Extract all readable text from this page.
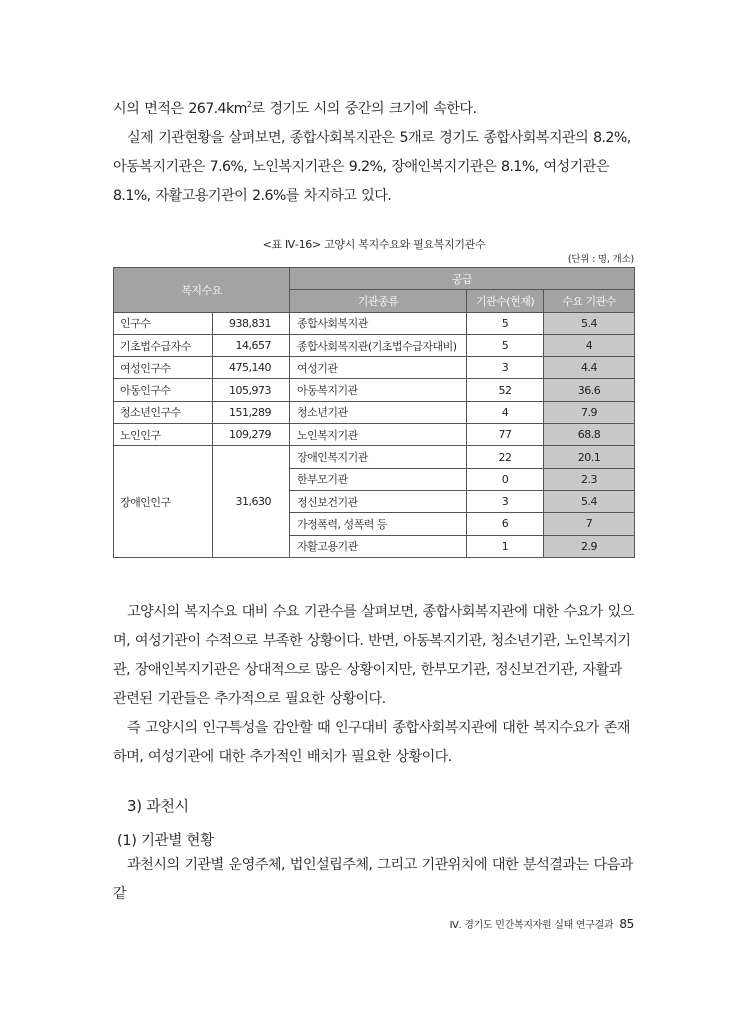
시의 면적은 $267.4km^2$로 경기도 시의 중간의 크기에 속한다.

실제 기관현황을 살펴보면, 종합사회복지관은 5개로 경기도 종합사회복지관의 8.2%, 아동복지기관은 7.6%, 노인복지기관은 9.2%, 장애인복지기관은 8.1%, 여성기관은 8.1%, 자활고용기관이 2.6%를 차지하고 있다.

<표 Ⅳ-16> 고양시 복지수요와 필요복지기관수
(단위 : 명, 개소)
복지수요		공급		
		기관종류	기관수(현재)	수요 기관수
인구수	938,831	종합사회복지관	5	5.4
기초법수급자수	14,657	종합사회복지관(기초법수급자대비)	5	4
여성인구수	475,140	여성기관	3	4.4
아동인구수	105,973	아동복지기관	52	36.6
청소년인구수	151,289	청소년기관	4	7.9
노인인구	109,279	노인복지기관	77	68.8
장애인인구	31,630	장애인복지기관	22	20.1
		한부모기관	0	2.3
		정신보건기관	3	5.4
		가정폭력, 성폭력 등	6	7
		자활고용기관	1	2.9

고양시의 복지수요 대비 수요 기관수를 살펴보면, 종합사회복지관에 대한 수요가 있으며, 여성기관이 수적으로 부족한 상황이다. 반면, 아동복지기관, 청소년기관, 노인복지기관, 장애인복지기관은 상대적으로 많은 상황이지만, 한부모기관, 정신보건기관, 자활과 관련된 기관들은 추가적으로 필요한 상황이다.

즉 고양시의 인구특성을 감안할 때 인구대비 종합사회복지관에 대한 복지수요가 존재하며, 여성기관에 대한 추가적인 배치가 필요한 상황이다.

3) 과천시
(1) 기관별 현황

과천시의 기관별 운영주체, 법인설립주체, 그리고 기관위치에 대한 분석결과는 다음과 같

Ⅳ. 경기도 민간복지자원 실태 연구결과 85
